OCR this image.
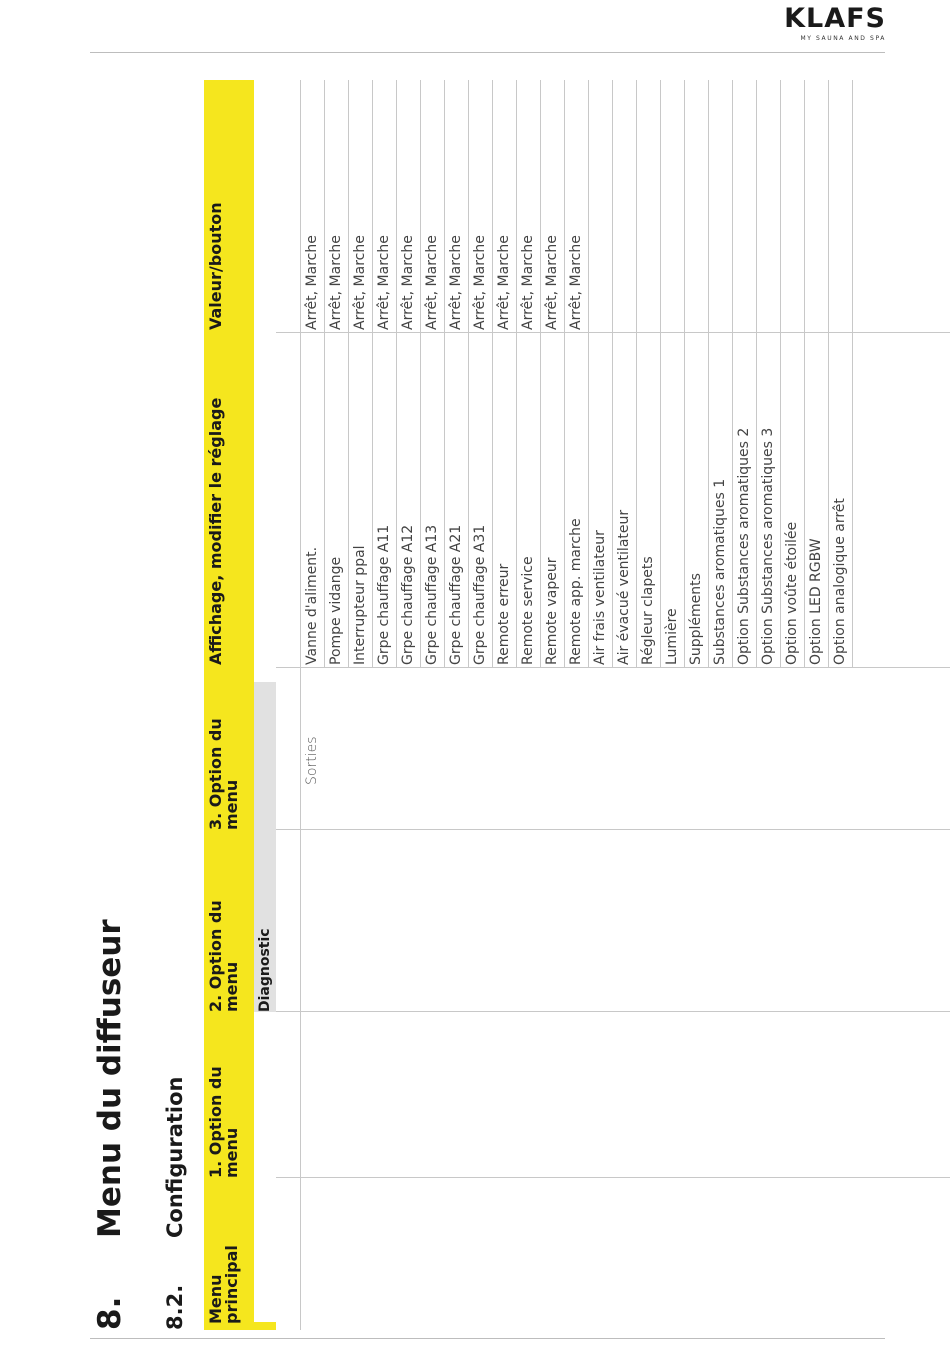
KLAFS
MY SAUNA AND SPA
8.
Menu du diffuseur
8.2.
Configuration
Menu principal
1. Option du menu
2. Option du menu
3. Option du menu
Affichage, modifier le réglage
Valeur/bouton
Diagnostic
Sorties
Vanne d'aliment.
Arrêt, Marche
Pompe vidange
Arrêt, Marche
Interrupteur ppal
Arrêt, Marche
Grpe chauffage A11
Arrêt, Marche
Grpe chauffage A12
Arrêt, Marche
Grpe chauffage A13
Arrêt, Marche
Grpe chauffage A21
Arrêt, Marche
Grpe chauffage A31
Arrêt, Marche
Remote erreur
Arrêt, Marche
Remote service
Arrêt, Marche
Remote vapeur
Arrêt, Marche
Remote app. marche
Arrêt, Marche
Air frais ventilateur Air évacué ventilateur Régleur clapets Lumière Suppléments Substances aromatiques 1 Option Substances aromatiques 2 Option Substances aromatiques 3 Option voûte étoilée Option LED RGBW Option analogique arrêt
